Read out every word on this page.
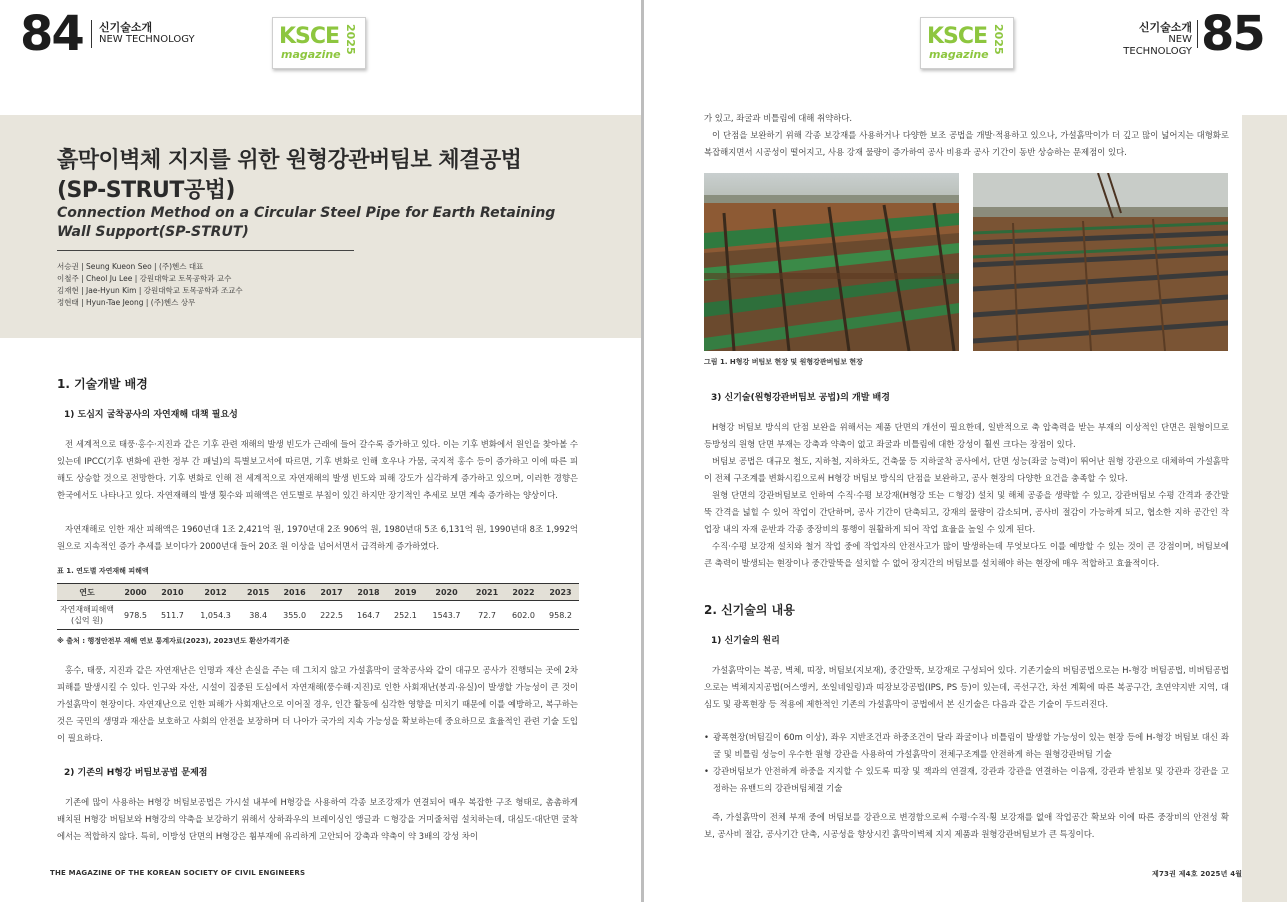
84 신기술소개
NEW TECHNOLOGY	KSCE
magazine 2025
흙막이벽체 지지를 위한 원형강관버팀보 체결공법
(SP-STRUT공법)
Connection Method on a Circular Steel Pipe for Earth Retaining
Wall Support(SP-STRUT)
서승권 | Seung Kueon Seo | (주)헨스 대표
이철주 | Cheol Ju Lee | 강원대학교 토목공학과 교수
김재현 | Jae-Hyun Kim | 강원대학교 토목공학과 조교수
정현태 | Hyun-Tae Jeong | (주)헨스 상무
1. 기술개발 배경
1) 도심지 굴착공사의 자연재해 대책 필요성
전 세계적으로 태풍·홍수·지진과 같은 기후 관련 재해의 발생 빈도가 근래에 들어 갈수록 증가하고 있다. 이는 기후 변화에서 원인을 찾아볼 수 있는데 IPCC(기후 변화에 관한 정부 간 패널)의 특별보고서에 따르면, 기후 변화로 인해 호우나 가뭄, 국지적 홍수 등이 증가하고 이에 따른 피해도 상승할 것으로 전망한다. 기후 변화로 인해 전 세계적으로 자연재해의 발생 빈도와 피해 강도가 심각하게 증가하고 있으며, 이러한 경향은 한국에서도 나타나고 있다. 자연재해의 발생 횟수와 피해액은 연도별로 부침이 있긴 하지만 장기적인 추세로 보면 계속 증가하는 양상이다.
자연재해로 인한 재산 피해액은 1960년대 1조 2,421억 원, 1970년대 2조 906억 원, 1980년대 5조 6,131억 원, 1990년대 8조 1,992억 원으로 지속적인 증가 추세를 보이다가 2000년대 들어 20조 원 이상을 넘어서면서 급격하게 증가하였다.
표 1. 연도별 자연재해 피해액
연도	2000	2010	2012	2015	2016	2017	2018	2019	2020	2021	2022	2023

자연재해피해액
(십억 원)	978.5	511.7	1,054.3	38.4	355.0	222.5	164.7	252.1	1543.7	72.7	602.0	958.2
※ 출처 : 행정안전부 재해 연보 통계자료(2023), 2023년도 환산가격기준
홍수, 태풍, 지진과 같은 자연재난은 인명과 재산 손실을 주는 데 그치지 않고 가설흙막이 굴착공사와 같이 대규모 공사가 진행되는 곳에 2차 피해를 발생시킬 수 있다. 인구와 자산, 시설이 집중된 도심에서 자연재해(풍수해·지진)로 인한 사회재난(붕괴·유실)이 발생할 가능성이 큰 것이 가설흙막이 현장이다. 자연재난으로 인한 피해가 사회재난으로 이어질 경우, 인간 활동에 심각한 영향을 미치기 때문에 이를 예방하고, 복구하는 것은 국민의 생명과 재산을 보호하고 사회의 안전을 보장하며 더 나아가 국가의 지속 가능성을 확보하는데 중요하므로 효율적인 관련 기술 도입이 필요하다.
2) 기존의 H형강 버팀보공법 문제점
기존에 많이 사용하는 H형강 버팀보공법은 가시설 내부에 H형강을 사용하여 각종 보조강재가 연결되어 매우 복잡한 구조 형태로, 촘촘하게 배치된 H형강 버팀보와 H형강의 약축을 보강하기 위해서 상하좌우의 브레이싱인 앵글과 ㄷ형강을 거미줄처럼 설치하는데, 대심도·대단면 굴착에서는 적합하지 않다. 특히, 이방성 단면의 H형강은 휨부재에 유리하게 고안되어 강축과 약축이 약 3배의 강성 차이
THE MAGAZINE OF THE KOREAN SOCIETY OF CIVIL ENGINEERS
KSCE
magazine 2025	신기술소개
NEW TECHNOLOGY 85
가 있고, 좌굴과 비틀림에 대해 취약하다.
이 단점을 보완하기 위해 각종 보강재를 사용하거나 다양한 보조 공법을 개발·적용하고 있으나, 가설흙막이가 더 깊고 많이 넓어지는 대형화로 복잡해지면서 시공성이 떨어지고, 사용 강재 물량이 증가하여 공사 비용과 공사 기간이 동반 상승하는 문제점이 있다.
그림 1. H형강 버팀보 현장 및 원형강관버팀보 현장
3) 신기술(원형강관버팀보 공법)의 개발 배경
H형강 버팀보 방식의 단점 보완을 위해서는 제품 단면의 개선이 필요한데, 일반적으로 축 압축력을 받는 부재의 이상적인 단면은 원형이므로 등방성의 원형 단면 부재는 강축과 약축이 없고 좌굴과 비틀림에 대한 강성이 훨씬 크다는 장점이 있다.
버팀보 공법은 대규모 철도, 지하철, 지하차도, 건축물 등 지하굴착 공사에서, 단면 성능(좌굴 능력)이 뛰어난 원형 강관으로 대체하여 가설흙막이 전체 구조계를 변화시킴으로써 H형강 버팀보 방식의 단점을 보완하고, 공사 현장의 다양한 요건을 충족할 수 있다.
원형 단면의 강관버팀보로 인하여 수직·수평 보강재(H형강 또는 ㄷ형강) 설치 및 해체 공종을 생략할 수 있고, 강관버팀보 수평 간격과 중간말뚝 간격을 넓힐 수 있어 작업이 간단하며, 공사 기간이 단축되고, 강재의 물량이 감소되며, 공사비 절감이 가능하게 되고, 협소한 지하 공간인 작업장 내의 자재 운반과 각종 중장비의 통행이 원활하게 되어 작업 효율을 높일 수 있게 된다.
수직·수평 보강재 설치와 철거 작업 중에 작업자의 안전사고가 많이 발생하는데 무엇보다도 이를 예방할 수 있는 것이 큰 강점이며, 버팀보에 큰 축력이 발생되는 현장이나 중간말뚝을 설치할 수 없어 장지간의 버팀보를 설치해야 하는 현장에 매우 적합하고 효율적이다.
2. 신기술의 내용
1) 신기술의 원리
가설흙막이는 복공, 벽체, 띠장, 버팀보(지보재), 중간말뚝, 보강재로 구성되어 있다. 기존기술의 버팀공법으로는 H-형강 버팀공법, 비버팀공법으로는 벽체지지공법(어스앵커, 쏘일네일링)과 띠장보강공법(IPS, PS 등)이 있는데, 곡선구간, 차선 계획에 따른 복공구간, 초연약지반 지역, 대심도 및 광폭현장 등 적용에 제한적인 기존의 가설흙막이 공법에서 본 신기술은 다음과 같은 기술이 두드러진다.
• 광폭현장(버팀길이 60m 이상), 좌우 지반조건과 하중조건이 달라 좌굴이나 비틀림이 발생할 가능성이 있는 현장 등에 H-형강 버팀보 대신 좌굴 및 비틀림 성능이 우수한 원형 강관을 사용하여 가설흙막이 전체구조계를 안전하게 하는 원형강관버팀 기술
• 강관버팀보가 안전하게 하중을 지지할 수 있도록 띠장 및 잭과의 연결재, 강관과 강관을 연결하는 이음재, 강관과 받침보 및 강관과 강관을 고정하는 유밴드의 강관버팀체결 기술
즉, 가설흙막이 전체 부재 중에 버팀보를 강관으로 변경함으로써 수평·수직·횡 보강재를 없애 작업공간 확보와 이에 따른 중장비의 안전성 확보, 공사비 절감, 공사기간 단축, 시공성을 향상시킨 흙막이벽체 지지 제품과 원형강관버팀보가 큰 특징이다.
제73권 제4호 2025년 4월
